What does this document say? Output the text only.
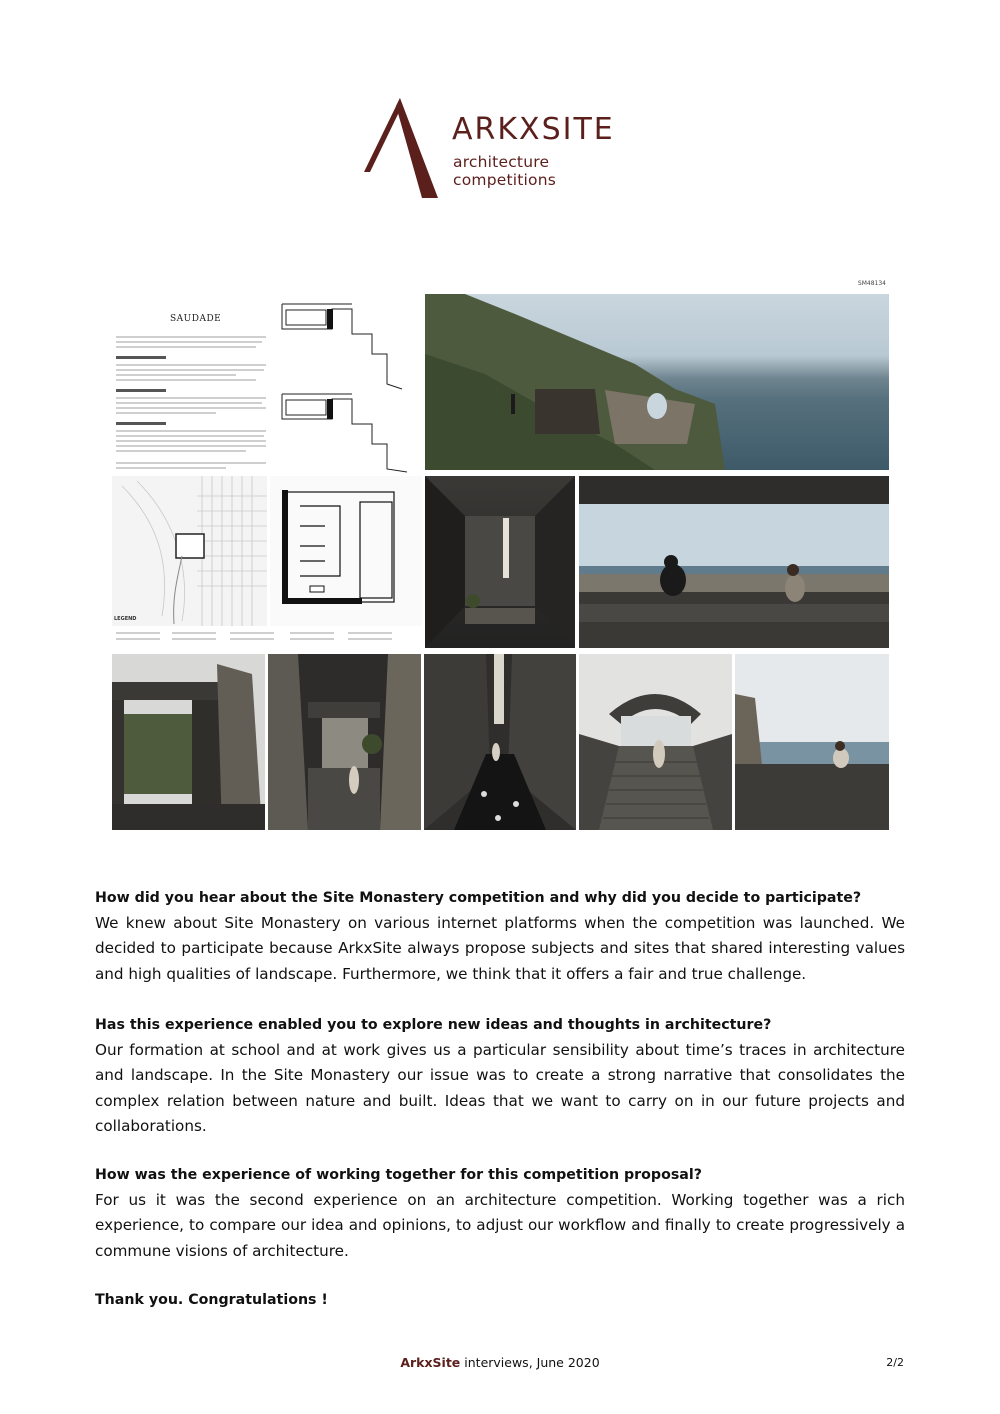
ARKXSITE
architecture competitions
SM48134
SAUDADE
LEGEND

How did you hear about the Site Monastery competition and why did you decide to participate?

We knew about Site Monastery on various internet platforms when the competition was launched. We decided to participate because ArkxSite always propose subjects and sites that shared interesting values and high qualities of landscape. Furthermore, we think that it offers a fair and true challenge.

Has this experience enabled you to explore new ideas and thoughts in architecture?

Our formation at school and at work gives us a particular sensibility about time’s traces in architecture and landscape. In the Site Monastery our issue was to create a strong narrative that consolidates the complex relation between nature and built. Ideas that we want to carry on in our future projects and collaborations.

How was the experience of working together for this competition proposal?

For us it was the second experience on an architecture competition. Working together was a rich experience, to compare our idea and opinions, to adjust our workflow and finally to create progressively a commune visions of architecture.

Thank you. Congratulations !
ArkxSite interviews, June 2020	2/2
